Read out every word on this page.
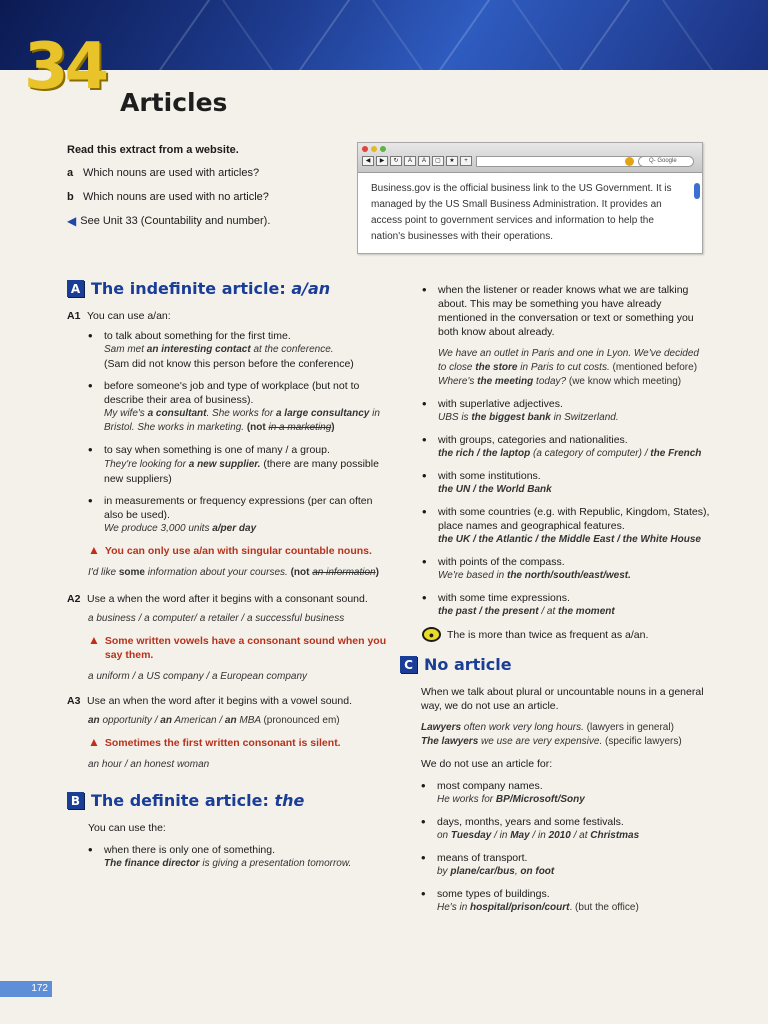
34 Articles
Read this extract from a website.
a Which nouns are used with articles?
b Which nouns are used with no article?
◀ See Unit 33 (Countability and number).
◀	▶	↻	A	A	▢	★	+	Q- Google
Business.gov is the official business link to the US Government. It is managed by the US Small Business Administration. It provides an access point to government services and information to help the nation's businesses with their operations.
A The indefinite article: a/an
A1 You can use a/an:
• to talk about something for the first time.
Sam met an interesting contact at the conference.
(Sam did not know this person before the conference)
• before someone's job and type of workplace (but not to describe their area of business).
My wife's a consultant. She works for a large consultancy in Bristol. She works in marketing. (not in a marketing)
• to say when something is one of many / a group.
They're looking for a new supplier. (there are many possible new suppliers)
• in measurements or frequency expressions (per can often also be used).
We produce 3,000 units a/per day
▲ You can only use a/an with singular countable nouns.
I'd like some information about your courses. (not an information)
A2 Use a when the word after it begins with a consonant sound.
a business / a computer/ a retailer / a successful business
▲ Some written vowels have a consonant sound when you say them.
a uniform / a US company / a European company
A3 Use an when the word after it begins with a vowel sound.
an opportunity / an American / an MBA (pronounced em)
▲ Sometimes the first written consonant is silent.
an hour / an honest woman
B The definite article: the
You can use the:
• when there is only one of something.
The finance director is giving a presentation tomorrow.
• when the listener or reader knows what we are talking about. This may be something you have already mentioned in the conversation or text or something you both know about already.
We have an outlet in Paris and one in Lyon. We've decided to close the store in Paris to cut costs. (mentioned before)
Where's the meeting today? (we know which meeting)
• with superlative adjectives.
UBS is the biggest bank in Switzerland.
• with groups, categories and nationalities.
the rich / the laptop (a category of computer) / the French
• with some institutions.
the UN / the World Bank
• with some countries (e.g. with Republic, Kingdom, States), place names and geographical features.
the UK / the Atlantic / the Middle East / the White House
• with points of the compass.
We're based in the north/south/east/west.
• with some time expressions.
the past / the present / at the moment
●	The is more than twice as frequent as a/an.
C No article
When we talk about plural or uncountable nouns in a general way, we do not use an article.
Lawyers often work very long hours. (lawyers in general)
The lawyers we use are very expensive. (specific lawyers)
We do not use an article for:
• most company names.
He works for BP/Microsoft/Sony
• days, months, years and some festivals.
on Tuesday / in May / in 2010 / at Christmas
• means of transport.
by plane/car/bus, on foot
• some types of buildings.
He's in hospital/prison/court. (but the office)
172
